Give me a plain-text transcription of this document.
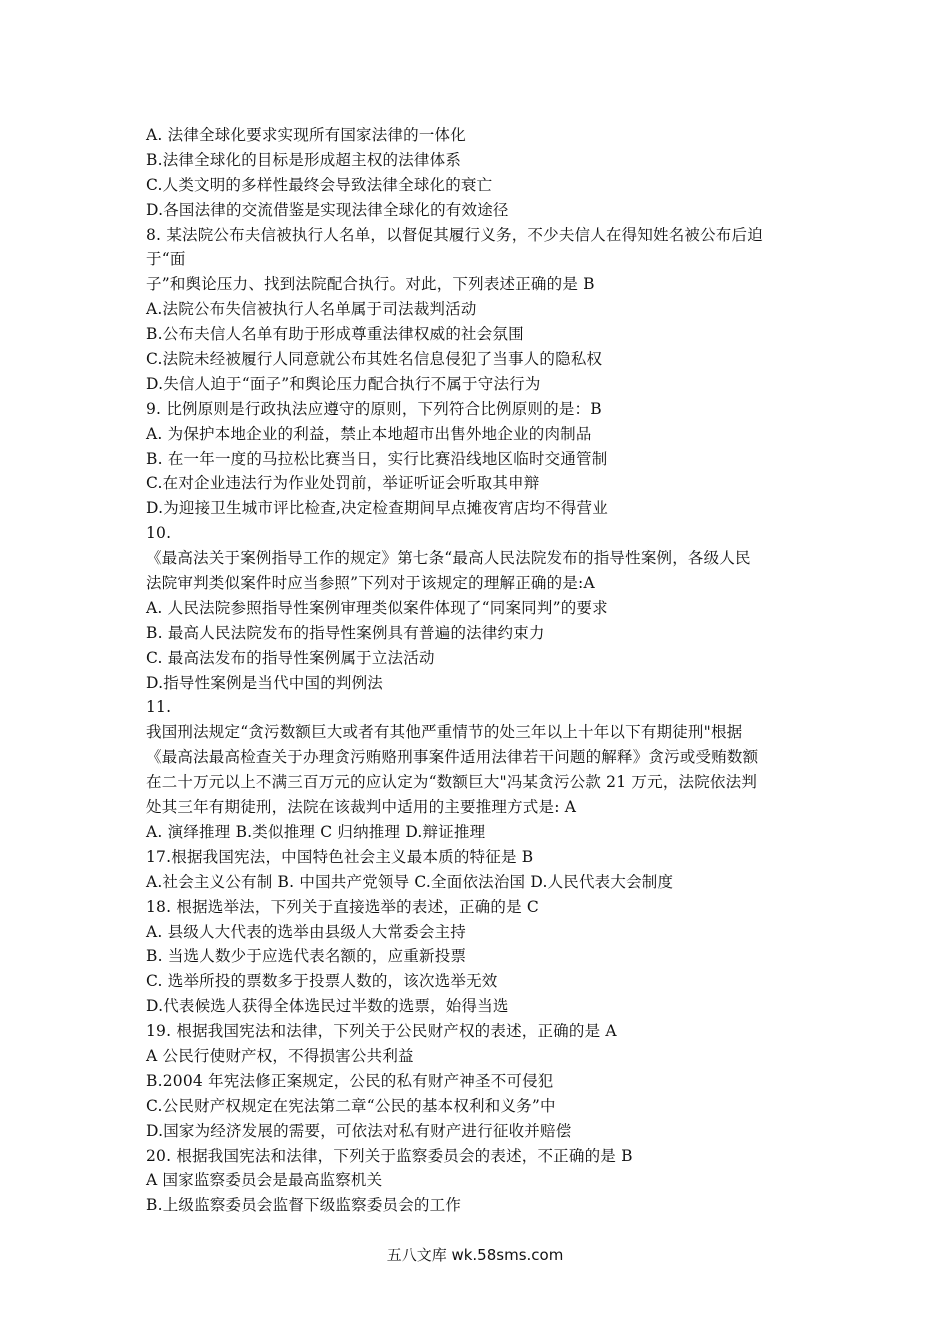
A. 法律全球化要求实现所有国家法律的一体化
B.法律全球化的目标是形成超主权的法律体系
C.人类文明的多样性最终会导致法律全球化的衰亡
D.各国法律的交流借鉴是实现法律全球化的有效途径
8. 某法院公布夫信被执行人名单，以督促其履行义务，不少夫信人在得知姓名被公布后迫
于“面
子”和舆论压力、找到法院配合执行。对此，下列表述正确的是 B
A.法院公布失信被执行人名单属于司法裁判活动
B.公布夫信人名单有助于形成尊重法律权威的社会氛围
C.法院未经被履行人同意就公布其姓名信息侵犯了当事人的隐私权
D.失信人迫于“面子”和舆论压力配合执行不属于守法行为
9. 比例原则是行政执法应遵守的原则，下列符合比例原则的是：B
A. 为保护本地企业的利益，禁止本地超市出售外地企业的肉制品
B. 在一年一度的马拉松比赛当日，实行比赛沿线地区临时交通管制
C.在对企业违法行为作业处罚前，举证听证会听取其申辩
D.为迎接卫生城市评比检查,决定检查期间早点摊夜宵店均不得营业
10.
《最高法关于案例指导工作的规定》第七条“最高人民法院发布的指导性案例，各级人民
法院审判类似案件时应当参照”下列对于该规定的理解正确的是:A
A. 人民法院参照指导性案例审理类似案件体现了“同案同判”的要求
B. 最高人民法院发布的指导性案例具有普遍的法律约束力
C. 最高法发布的指导性案例属于立法活动
D.指导性案例是当代中国的判例法
11.
我国刑法规定“贪污数额巨大或者有其他严重情节的处三年以上十年以下有期徒刑"根据
《最高法最高检查关于办理贪污贿赂刑事案件适用法律若干问题的解释》贪污或受贿数额
在二十万元以上不满三百万元的应认定为“数额巨大"冯某贪污公款 21 万元，法院依法判
处其三年有期徒刑，法院在该裁判中适用的主要推理方式是: A
A. 演绎推理 B.类似推理 C 归纳推理 D.辩证推理
17.根据我国宪法，中国特色社会主义最本质的特征是 B
A.社会主义公有制 B. 中国共产党领导 C.全面依法治国 D.人民代表大会制度
18. 根据选举法，下列关于直接选举的表述，正确的是 C
A. 县级人大代表的选举由县级人大常委会主持
B. 当选人数少于应选代表名额的，应重新投票
C. 选举所投的票数多于投票人数的，该次选举无效
D.代表候选人获得全体选民过半数的选票，始得当选
19. 根据我国宪法和法律，下列关于公民财产权的表述，正确的是 A
A 公民行使财产权，不得损害公共利益
B.2004 年宪法修正案规定，公民的私有财产神圣不可侵犯
C.公民财产权规定在宪法第二章“公民的基本权利和义务”中
D.国家为经济发展的需要，可依法对私有财产进行征收并赔偿
20. 根据我国宪法和法律，下列关于监察委员会的表述，不正确的是 B
A 国家监察委员会是最高监察机关
B.上级监察委员会监督下级监察委员会的工作
五八文库 wk.58sms.com
